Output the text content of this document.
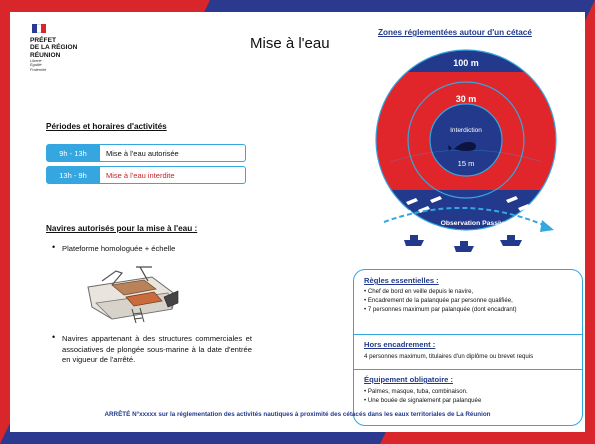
PRÉFET
DE LA RÉGION
RÉUNION
Liberté
Égalité
Fraternité
Mise à l'eau
Zones réglementées autour d'un cétacé
Périodes et horaires d'activités
9h - 13h	Mise à l'eau autorisée
13h - 9h	Mise à l'eau interdite
Navires autorisés pour la mise à l'eau :
• Plateforme homologuée + échelle
• Navires appartenant à des structures commerciales et associatives de plongée sous-marine à la date d'entrée en vigueur de l'arrêté.
100 m
30 m
Interdiction
15 m
Observation Passive
Règles essentielles :
• Chef de bord en veille depuis le navire,
• Encadrement de la palanquée par personne qualifiée,
• 7 personnes maximum par palanquée (dont encadrant)
Hors encadrement :
4 personnes maximum, titulaires d'un diplôme ou brevet requis
Équipement obligatoire :
• Palmes, masque, tuba, combinaison.
• Une bouée de signalement par palanquée
ARRÊTÉ N°xxxxx sur la réglementation des activités nautiques à proximité des cétacés dans les eaux territoriales de La Réunion
